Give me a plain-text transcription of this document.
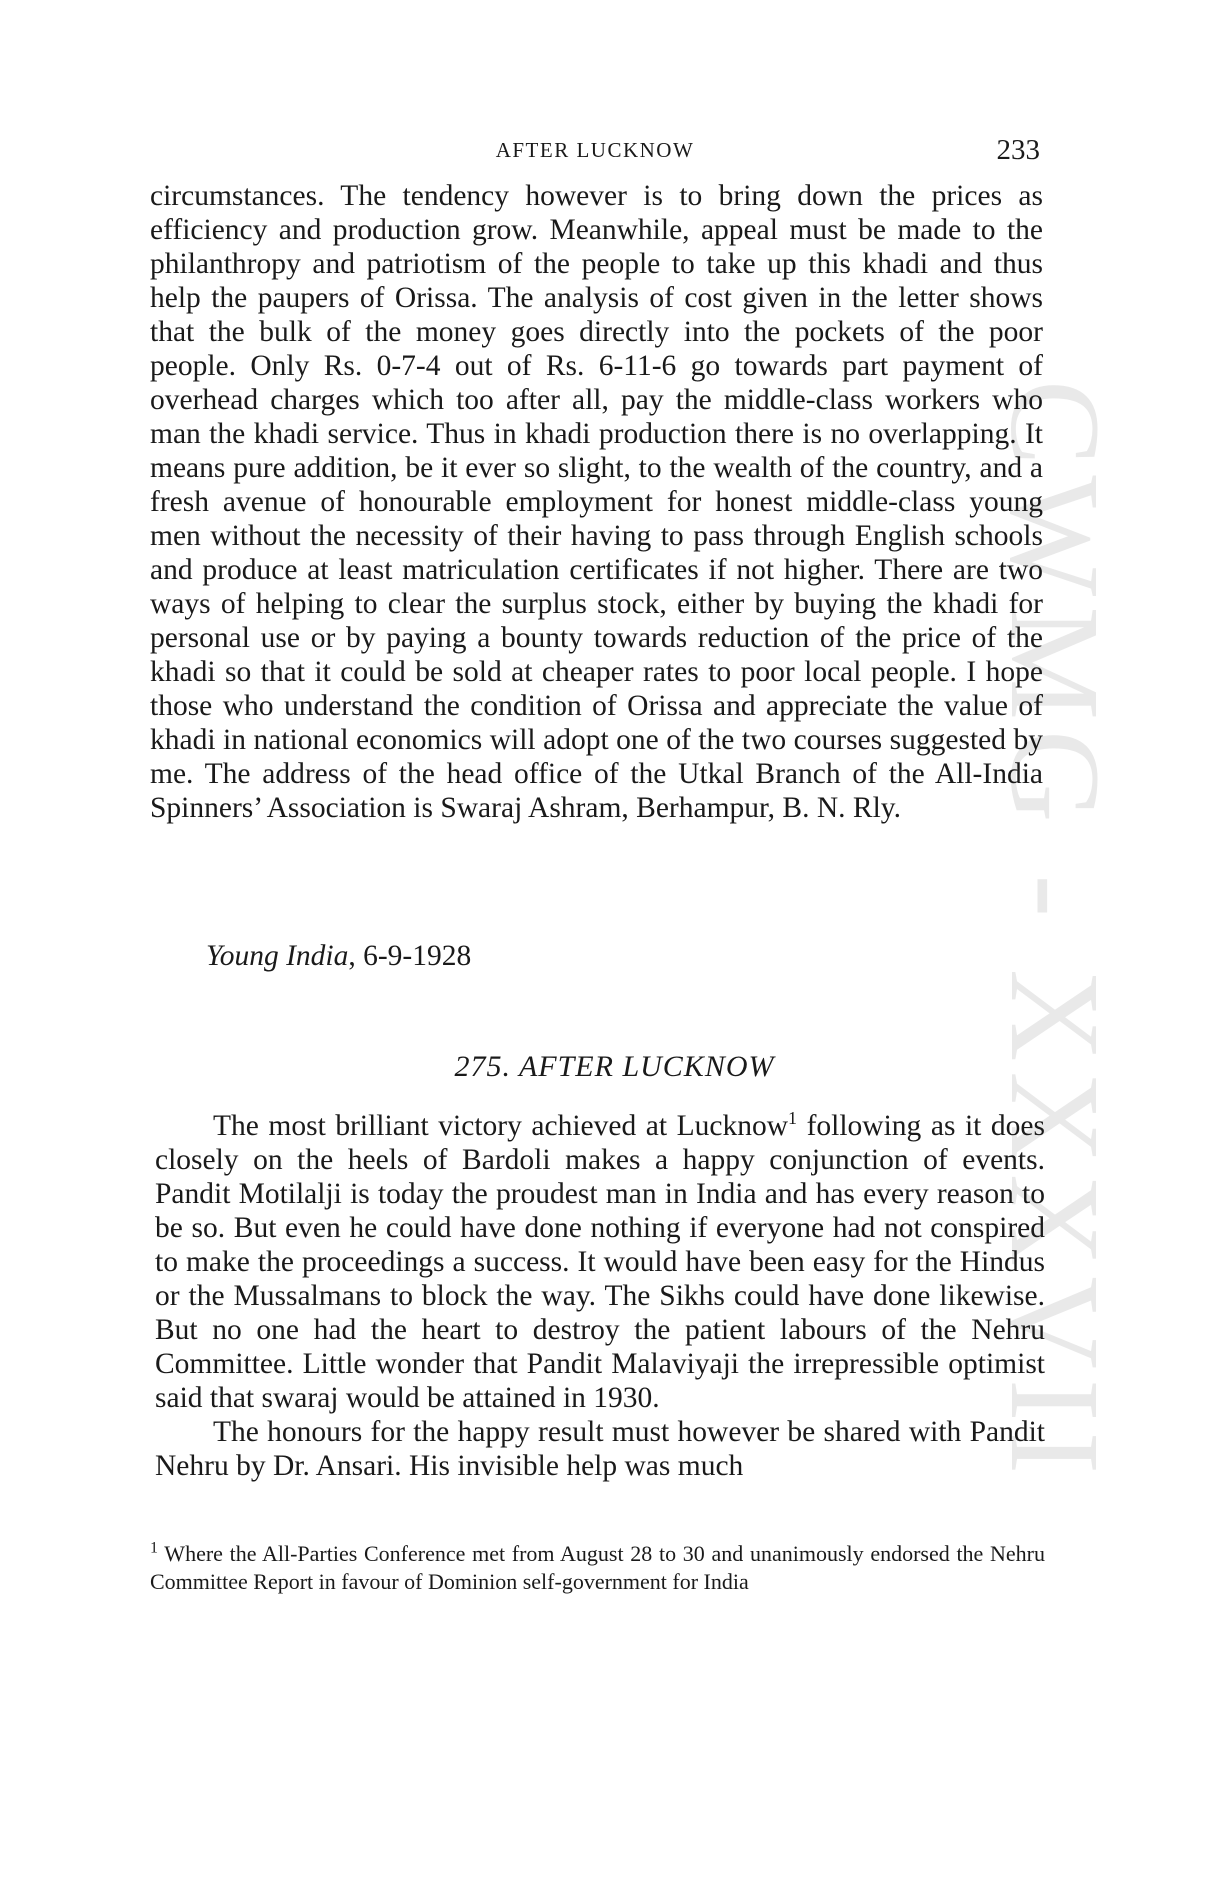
CWMG - XXXVII
AFTER LUCKNOW	233

circumstances. The tendency however is to bring down the prices as efficiency and production grow. Meanwhile, appeal must be made to the philanthropy and patriotism of the people to take up this khadi and thus help the paupers of Orissa. The analysis of cost given in the letter shows that the bulk of the money goes directly into the pockets of the poor people. Only Rs. 0-7-4 out of Rs. 6-11-6 go towards part payment of overhead charges which too after all, pay the middle-class workers who man the khadi service. Thus in khadi production there is no overlapping. It means pure addition, be it ever so slight, to the wealth of the country, and a fresh avenue of honourable employment for honest middle-class young men without the necessity of their having to pass through English schools and produce at least matriculation certificates if not higher. There are two ways of helping to clear the surplus stock, either by buying the khadi for personal use or by paying a bounty towards reduction of the price of the khadi so that it could be sold at cheaper rates to poor local people. I hope those who understand the condition of Orissa and appreciate the value of khadi in national economics will adopt one of the two courses suggested by me. The address of the head office of the Utkal Branch of the All-India Spinners’ Association is Swaraj Ashram, Berhampur, B. N. Rly.

Young India, 6-9-1928
275. AFTER LUCKNOW

The most brilliant victory achieved at Lucknow$^1$ following as it does closely on the heels of Bardoli makes a happy conjunction of events. Pandit Motilalji is today the proudest man in India and has every reason to be so. But even he could have done nothing if everyone had not conspired to make the proceedings a success. It would have been easy for the Hindus or the Mussalmans to block the way. The Sikhs could have done likewise. But no one had the heart to destroy the patient labours of the Nehru Committee. Little wonder that Pandit Malaviyaji the irrepressible optimist said that swaraj would be attained in 1930.

The honours for the happy result must however be shared with Pandit Nehru by Dr. Ansari. His invisible help was much

$^1$ Where the All-Parties Conference met from August 28 to 30 and unanimously endorsed the Nehru Committee Report in favour of Dominion self-government for India
